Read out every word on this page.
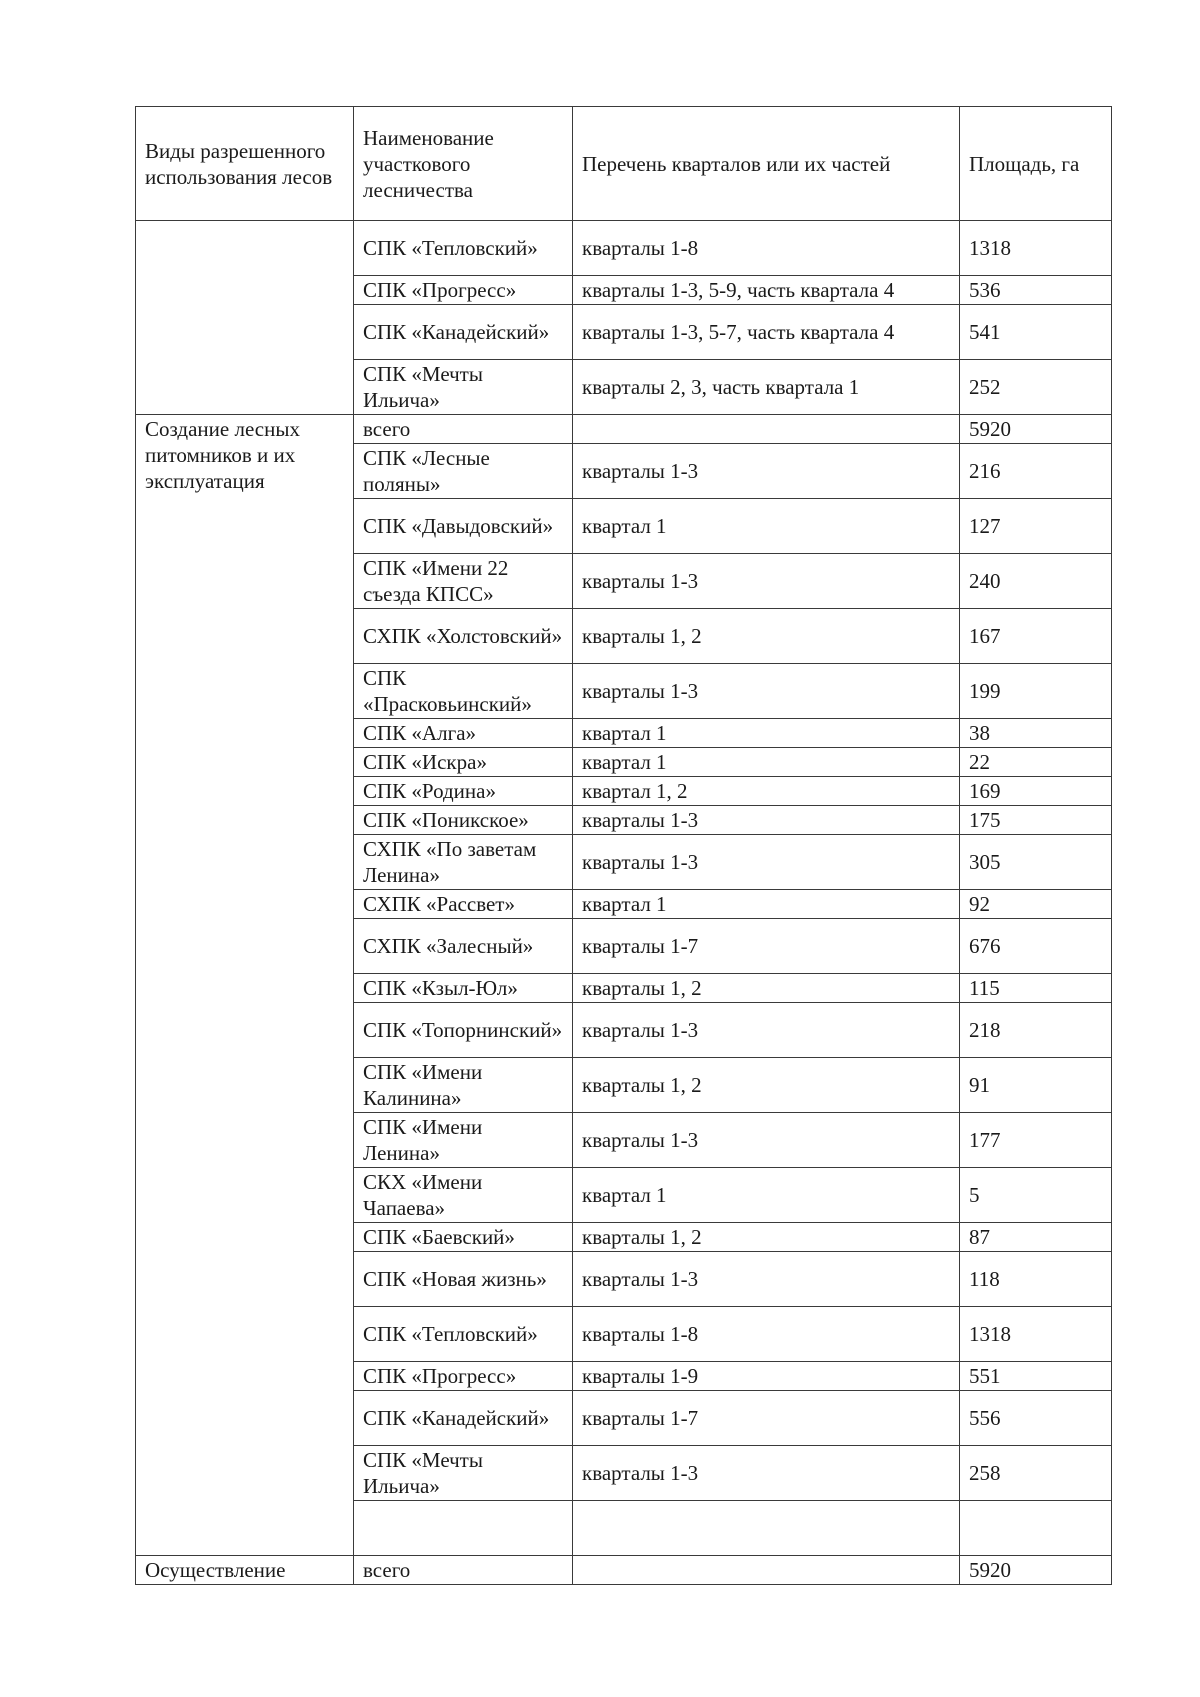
Виды разрешенного использования лесов	Наименование участкового лесничества	Перечень кварталов или их частей	Площадь, га
	СПК «Тепловский»	кварталы 1-8	1318
	СПК «Прогресс»	кварталы 1-3, 5-9, часть квартала 4	536
	СПК «Канадейский»	кварталы 1-3, 5-7, часть квартала 4	541
	СПК «Мечты Ильича»	кварталы 2, 3, часть квартала 1	252
Создание лесных питомников и их эксплуатация	всего		5920
	СПК «Лесные поляны»	кварталы 1-3	216
	СПК «Давыдовский»	квартал 1	127
	СПК «Имени 22 съезда КПСС»	кварталы 1-3	240
	СХПК «Холстовский»	кварталы 1, 2	167
	СПК «Прасковьинский»	кварталы 1-3	199
	СПК «Алга»	квартал 1	38
	СПК «Искра»	квартал 1	22
	СПК «Родина»	квартал 1, 2	169
	СПК «Поникское»	кварталы 1-3	175
	СХПК «По заветам Ленина»	кварталы 1-3	305
	СХПК «Рассвет»	квартал 1	92
	СХПК «Залесный»	кварталы 1-7	676
	СПК «Кзыл-Юл»	кварталы 1, 2	115
	СПК «Топорнинский»	кварталы 1-3	218
	СПК «Имени Калинина»	кварталы 1, 2	91
	СПК «Имени Ленина»	кварталы 1-3	177
	СКХ «Имени Чапаева»	квартал 1	5
	СПК «Баевский»	кварталы 1, 2	87
	СПК «Новая жизнь»	кварталы 1-3	118
	СПК «Тепловский»	кварталы 1-8	1318
	СПК «Прогресс»	кварталы 1-9	551
	СПК «Канадейский»	кварталы 1-7	556
	СПК «Мечты Ильича»	кварталы 1-3	258

Осуществление	всего		5920
